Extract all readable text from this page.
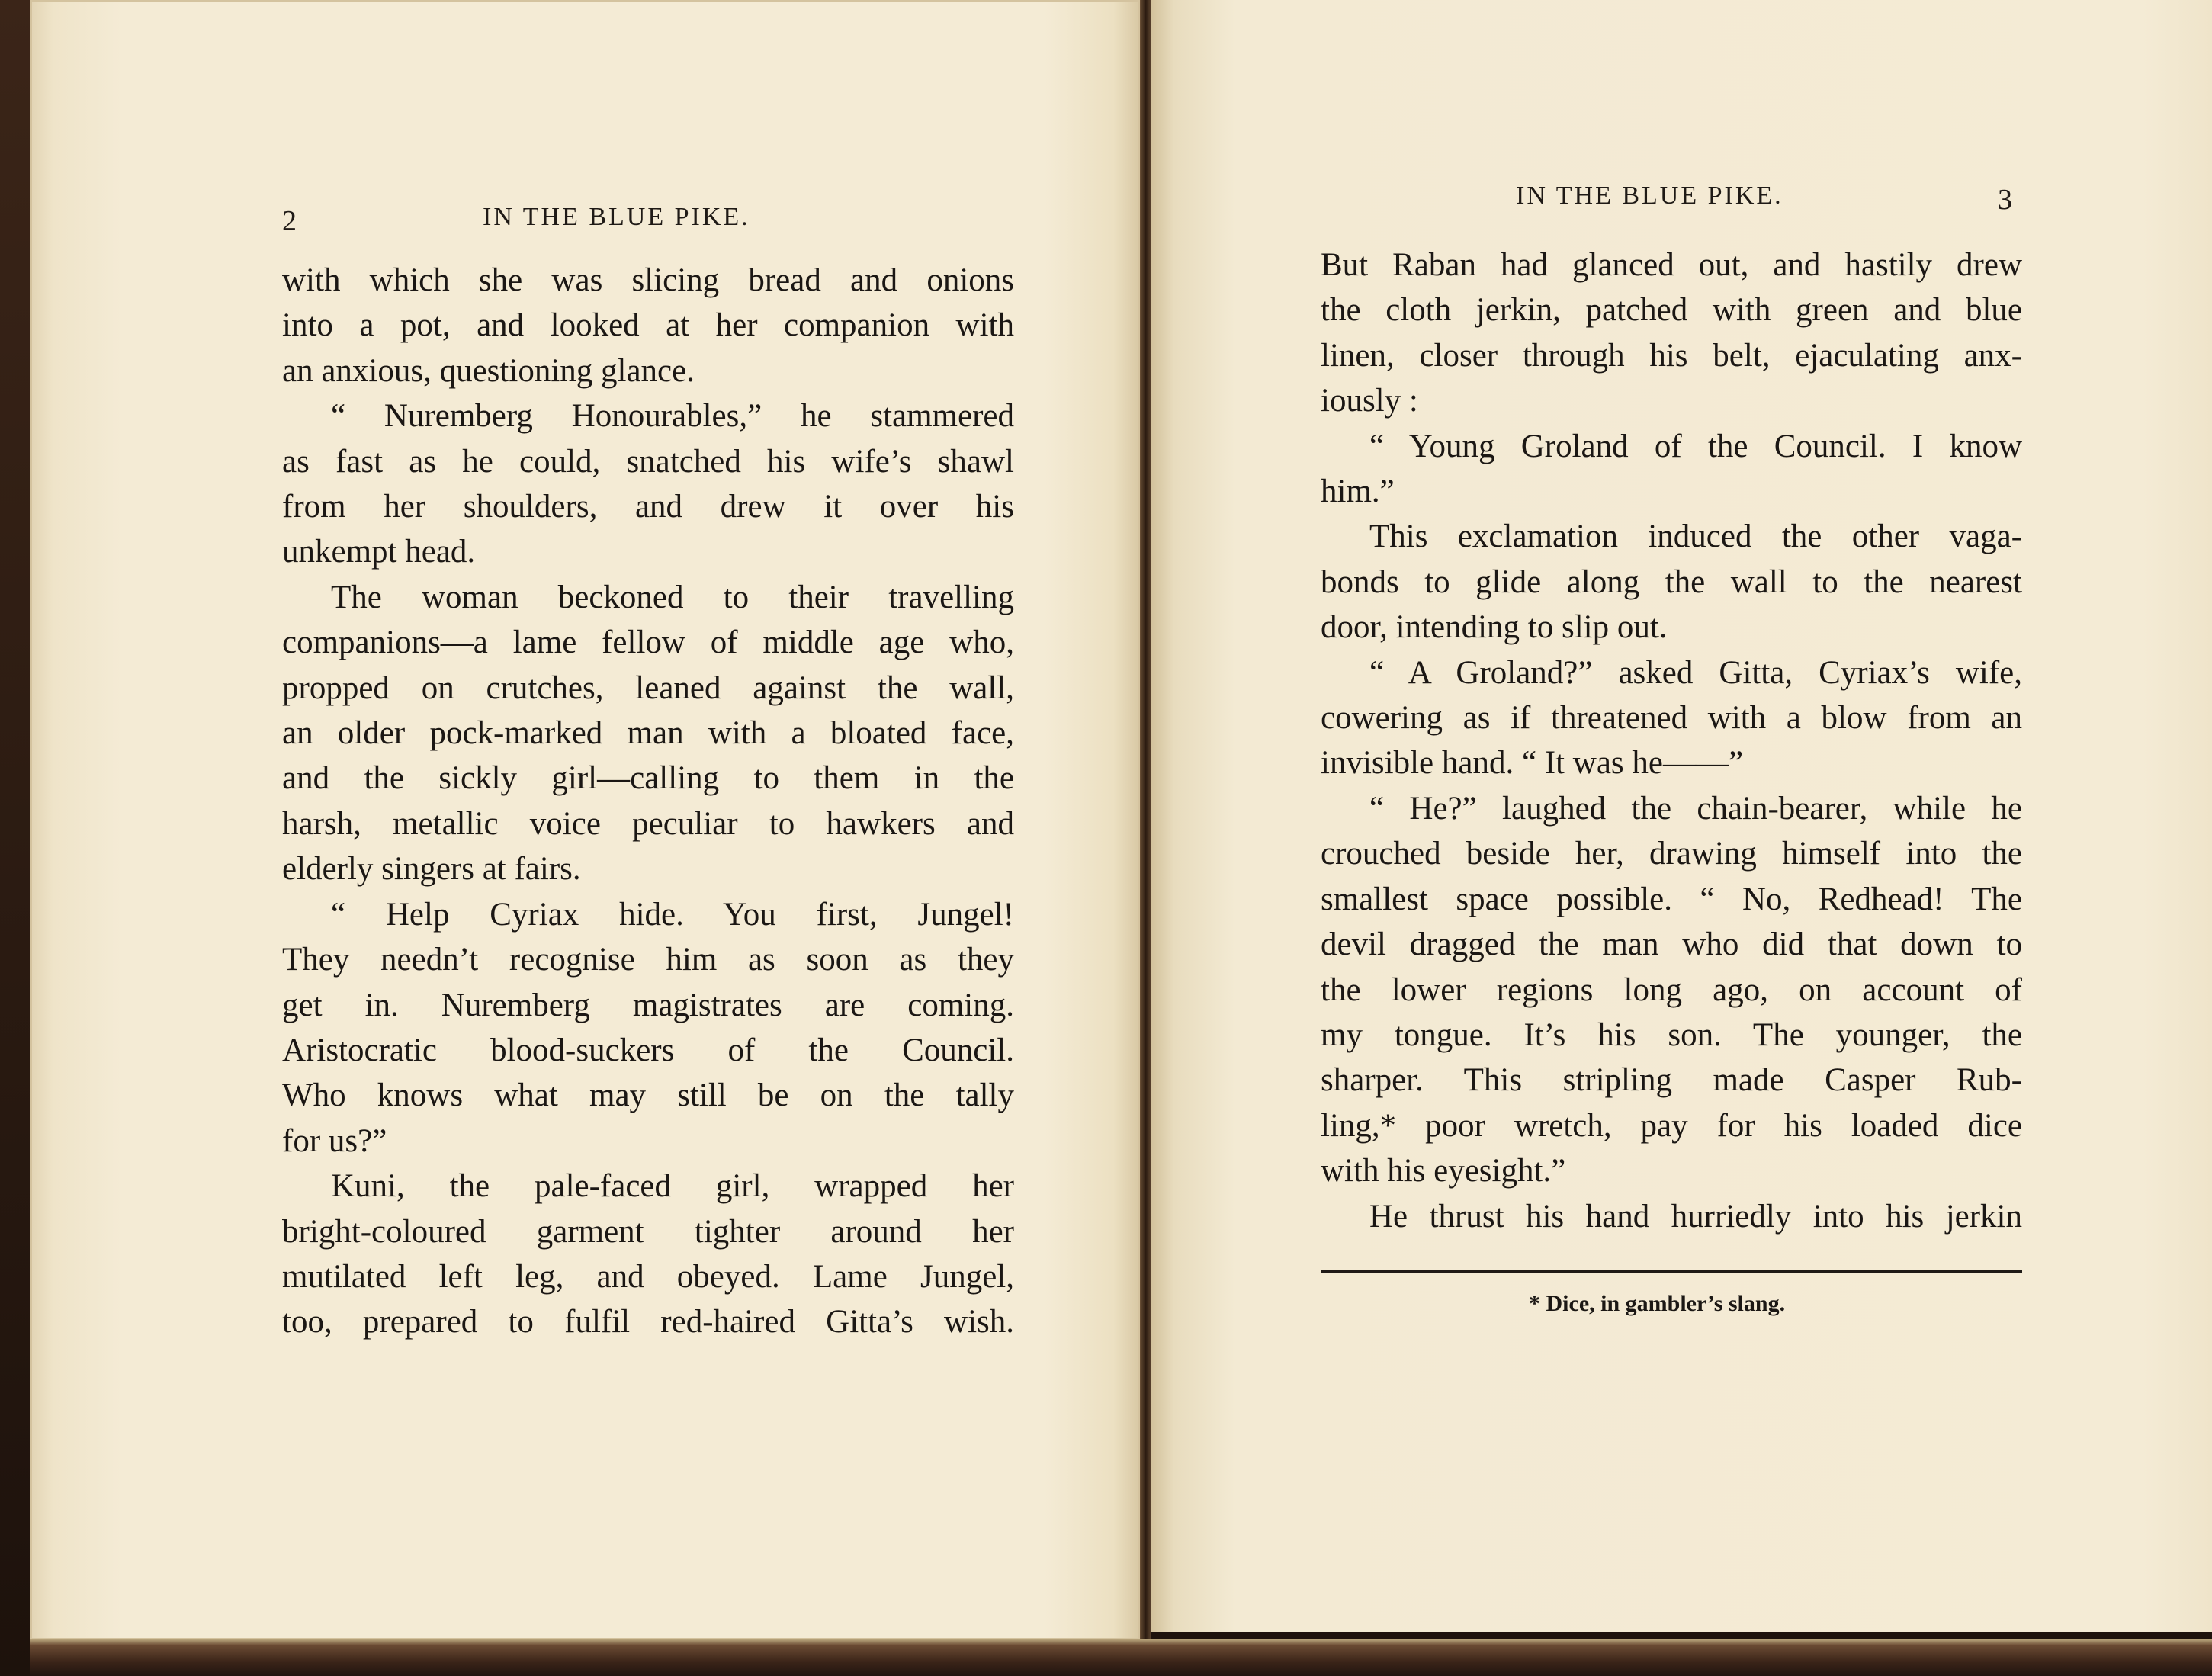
2	IN THE BLUE PIKE.

with which she was slicing bread and onions

into a pot, and looked at her companion with

an anxious, questioning glance.

“ Nuremberg Honourables,” he stammered

as fast as he could, snatched his wife’s shawl

from her shoulders, and drew it over his

unkempt head.

The woman beckoned to their travelling

companions—a lame fellow of middle age who,

propped on crutches, leaned against the wall,

an older pock-marked man with a bloated face,

and the sickly girl—calling to them in the

harsh, metallic voice peculiar to hawkers and

elderly singers at fairs.

“ Help Cyriax hide. You first, Jungel!

They needn’t recognise him as soon as they

get in. Nuremberg magistrates are coming.

Aristocratic blood-suckers of the Council.

Who knows what may still be on the tally

for us?”

Kuni, the pale-faced girl, wrapped her

bright-coloured garment tighter around her

mutilated left leg, and obeyed. Lame Jungel,

too, prepared to fulfil red-haired Gitta’s wish.

IN THE BLUE PIKE.	3

But Raban had glanced out, and hastily drew

the cloth jerkin, patched with green and blue

linen, closer through his belt, ejaculating anx-

iously :

“ Young Groland of the Council. I know

him.”

This exclamation induced the other vaga-

bonds to glide along the wall to the nearest

door, intending to slip out.

“ A Groland?” asked Gitta, Cyriax’s wife,

cowering as if threatened with a blow from an

invisible hand. “ It was he——”

“ He?” laughed the chain-bearer, while he

crouched beside her, drawing himself into the

smallest space possible. “ No, Redhead! The

devil dragged the man who did that down to

the lower regions long ago, on account of

my tongue. It’s his son. The younger, the

sharper. This stripling made Casper Rub-

ling,* poor wretch, pay for his loaded dice

with his eyesight.”

He thrust his hand hurriedly into his jerkin

* Dice, in gambler’s slang.
